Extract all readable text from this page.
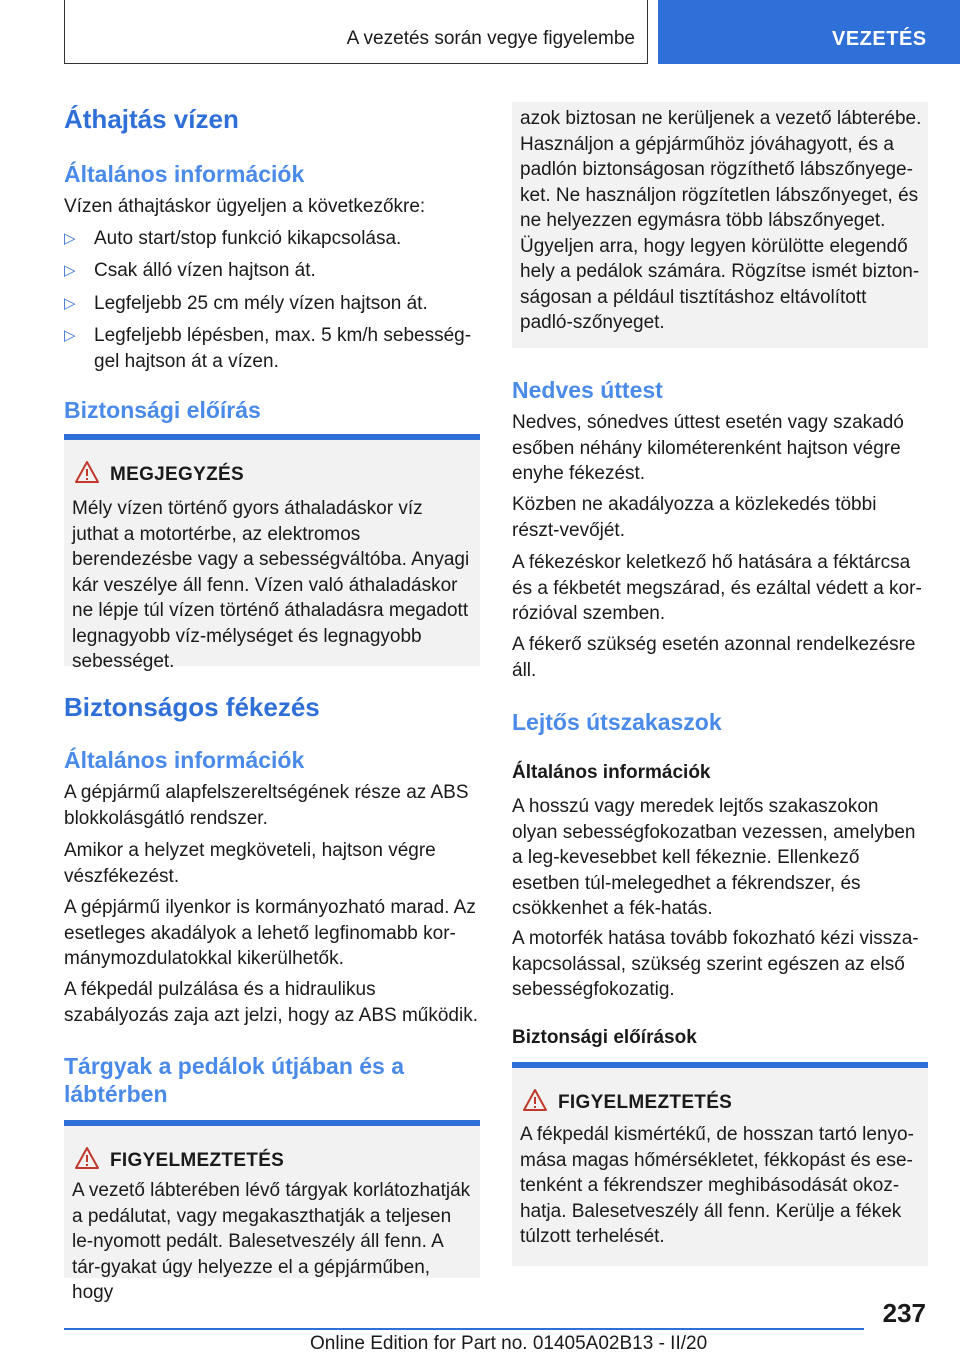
A vezetés során vegye figyelembe	VEZETÉS
Áthajtás vízen
Általános információk

Vízen áthajtáskor ügyeljen a következőkre:

▷ Auto start/stop funkció kikapcsolása.
▷ Csak álló vízen hajtson át.
▷ Legfeljebb 25 cm mély vízen hajtson át.
▷ Legfeljebb lépésben, max. 5 km/h sebesség-
gel hajtson át a vízen.
Biztonsági előírás
MEGJEGYZÉS
Mély vízen történő gyors áthaladáskor víz juthat a motortérbe, az elektromos berendezésbe vagy a sebességváltóba. Anyagi kár veszélye áll fenn. Vízen való áthaladáskor ne lépje túl vízen történő áthaladásra megadott legnagyobb víz-mélységet és legnagyobb sebességet.
Biztonságos fékezés
Általános információk

A gépjármű alapfelszereltségének része az ABS blokkolásgátló rendszer.

Amikor a helyzet megköveteli, hajtson végre vészfékezést.

A gépjármű ilyenkor is kormányozható marad. Az esetleges akadályok a lehető legfinomabb kor-mánymozdulatokkal kikerülhetők.

A fékpedál pulzálása és a hidraulikus szabályozás zaja azt jelzi, hogy az ABS működik.

Tárgyak a pedálok útjában és a lábtérben
FIGYELMEZTETÉS
A vezető lábterében lévő tárgyak korlátozhatják a pedálutat, vagy megakaszthatják a teljesen le-nyomott pedált. Balesetveszély áll fenn. A tár-gyakat úgy helyezze el a gépjárműben, hogy
azok biztosan ne kerüljenek a vezető lábterébe. Használjon a gépjárműhöz jóváhagyott, és a padlón biztonságosan rögzíthető lábszőnyege-ket. Ne használjon rögzítetlen lábszőnyeget, és ne helyezzen egymásra több lábszőnyeget. Ügyeljen arra, hogy legyen körülötte elegendő hely a pedálok számára. Rögzítse ismét bizton-ságosan a például tisztításhoz eltávolított padló-szőnyeget.
Nedves úttest

Nedves, sónedves úttest esetén vagy szakadó esőben néhány kilométerenként hajtson végre enyhe fékezést.

Közben ne akadályozza a közlekedés többi részt-vevőjét.

A fékezéskor keletkező hő hatására a féktárcsa és a fékbetét megszárad, és ezáltal védett a kor-rózióval szemben.

A fékerő szükség esetén azonnal rendelkezésre áll.

Lejtős útszakaszok
Általános információk

A hosszú vagy meredek lejtős szakaszokon olyan sebességfokozatban vezessen, amelyben a leg-kevesebbet kell fékeznie. Ellenkező esetben túl-melegedhet a fékrendszer, és csökkenhet a fék-hatás.

A motorfék hatása tovább fokozható kézi vissza-kapcsolással, szükség szerint egészen az első sebességfokozatig.

Biztonsági előírások
FIGYELMEZTETÉS
A fékpedál kismértékű, de hosszan tartó lenyo-mása magas hőmérsékletet, fékkopást és ese-tenként a fékrendszer meghibásodását okoz-hatja. Balesetveszély áll fenn. Kerülje a fékek túlzott terhelését.
237
Online Edition for Part no. 01405A02B13 - II/20
